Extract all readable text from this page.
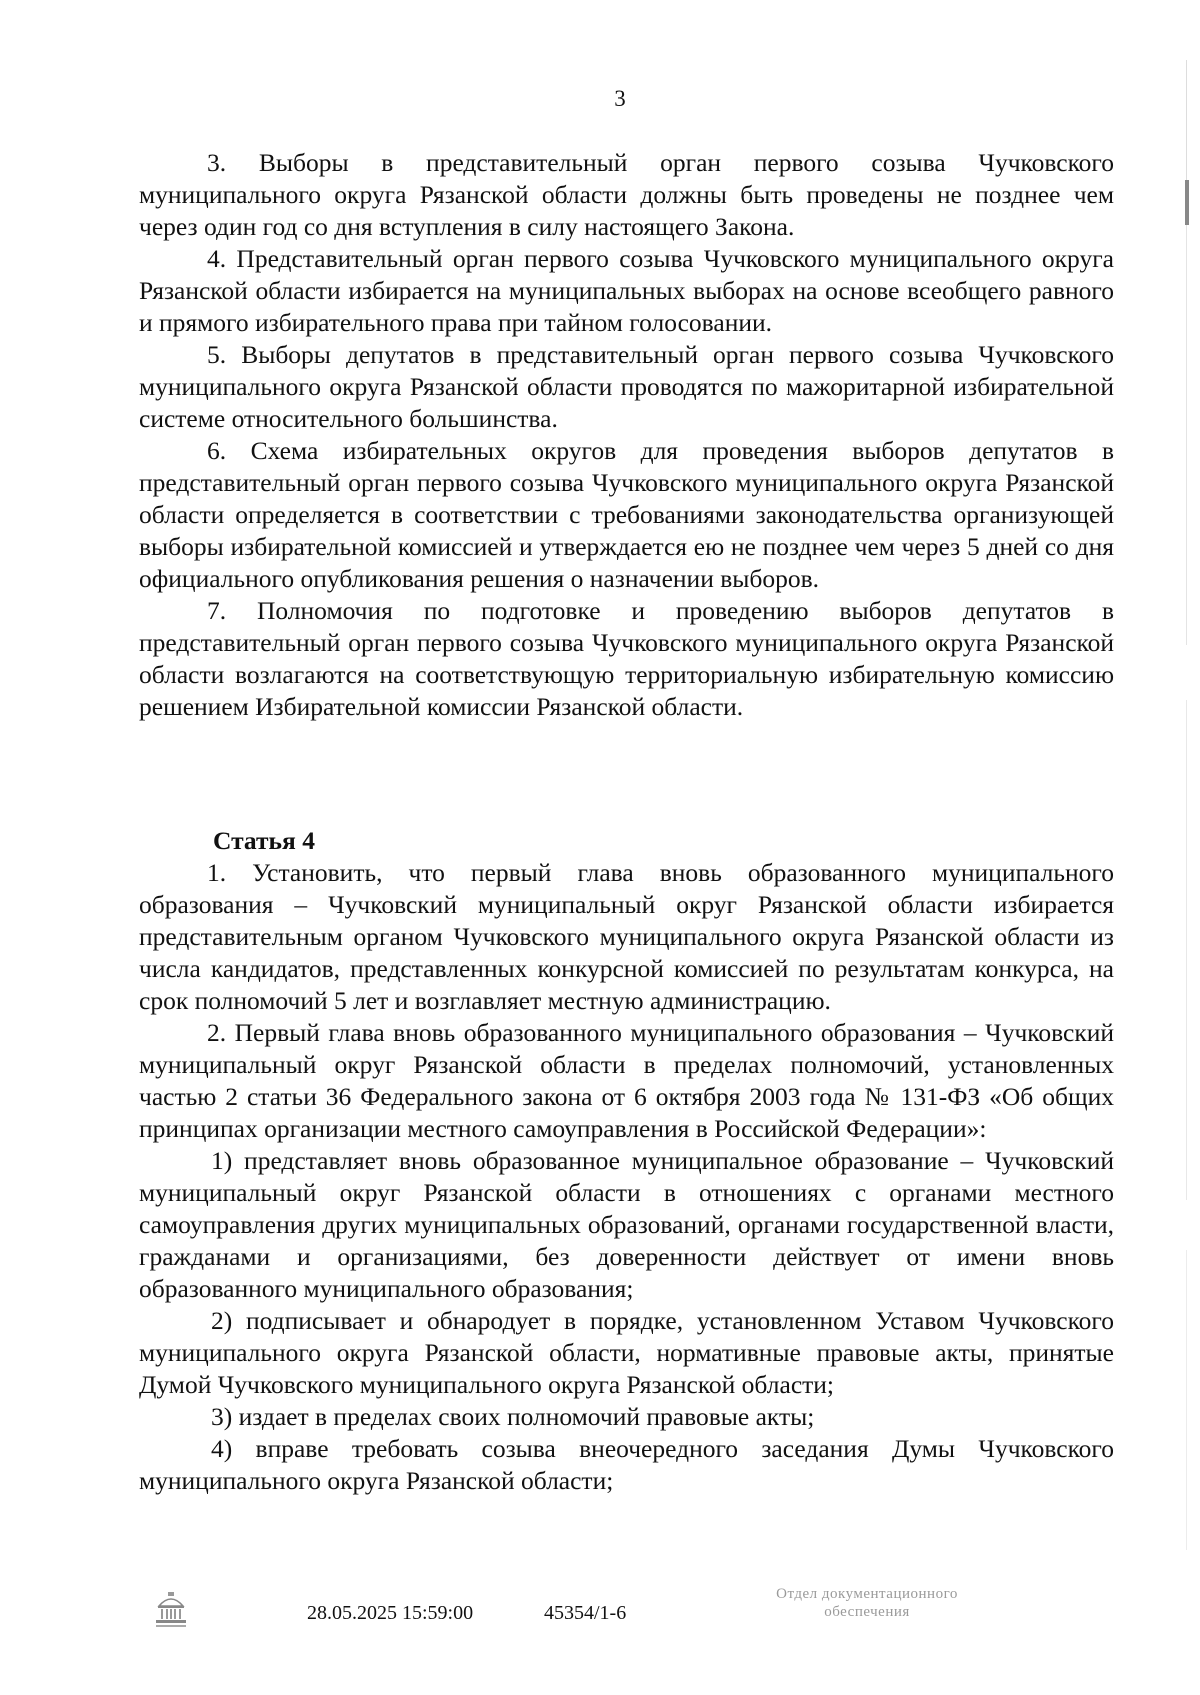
3

3. Выборы в представительный орган первого созыва Чучковского муниципального округа Рязанской области должны быть проведены не позднее чем через один год со дня вступления в силу настоящего Закона.

4. Представительный орган первого созыва Чучковского муниципального округа Рязанской области избирается на муниципальных выборах на основе всеобщего равного и прямого избирательного права при тайном голосовании.

5. Выборы депутатов в представительный орган первого созыва Чучковского муниципального округа Рязанской области проводятся по мажоритарной избирательной системе относительного большинства.

6. Схема избирательных округов для проведения выборов депутатов в представительный орган первого созыва Чучковского муниципального округа Рязанской области определяется в соответствии с требованиями законодательства организующей выборы избирательной комиссией и утверждается ею не позднее чем через 5 дней со дня официального опубликования решения о назначении выборов.

7. Полномочия по подготовке и проведению выборов депутатов в представительный орган первого созыва Чучковского муниципального округа Рязанской области возлагаются на соответствующую территориальную избирательную комиссию решением Избирательной комиссии Рязанской области.

Статья 4

1. Установить, что первый глава вновь образованного муниципального образования – Чучковский муниципальный округ Рязанской области избирается представительным органом Чучковского муниципального округа Рязанской области из числа кандидатов, представленных конкурсной комиссией по результатам конкурса, на срок полномочий 5 лет и возглавляет местную администрацию.

2. Первый глава вновь образованного муниципального образования – Чучковский муниципальный округ Рязанской области в пределах полномочий, установленных частью 2 статьи 36 Федерального закона от 6 октября 2003 года № 131-ФЗ «Об общих принципах организации местного самоуправления в Российской Федерации»:

1) представляет вновь образованное муниципальное образование – Чучковский муниципальный округ Рязанской области в отношениях с органами местного самоуправления других муниципальных образований, органами государственной власти, гражданами и организациями, без доверенности действует от имени вновь образованного муниципального образования;

2) подписывает и обнародует в порядке, установленном Уставом Чучковского муниципального округа Рязанской области, нормативные правовые акты, принятые Думой Чучковского муниципального округа Рязанской области;

3) издает в пределах своих полномочий правовые акты;

4) вправе требовать созыва внеочередного заседания Думы Чучковского муниципального округа Рязанской области;

28.05.2025 15:59:00	45354/1-6
Отдел документационного
обеспечения
